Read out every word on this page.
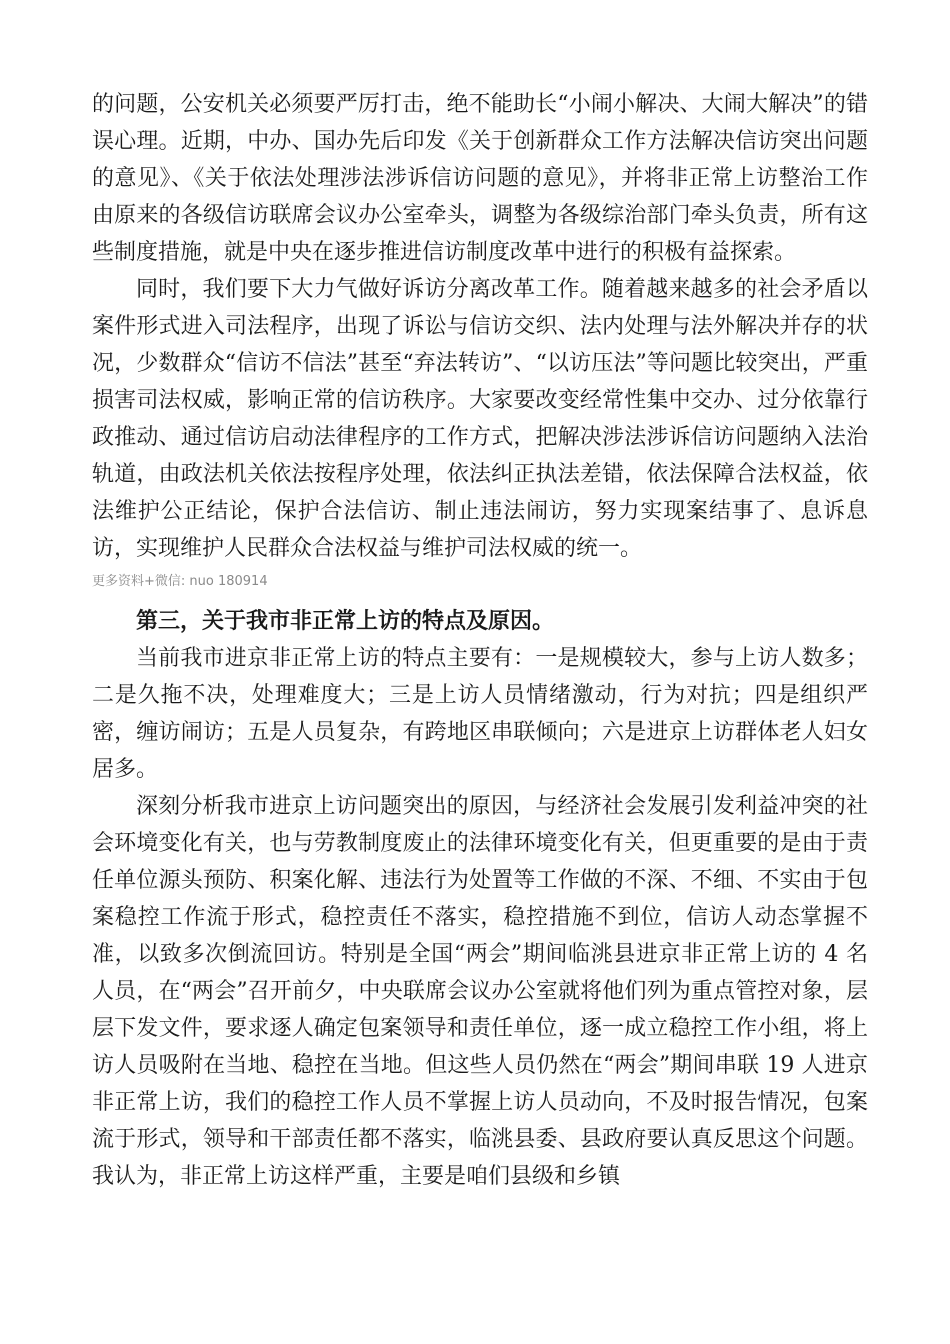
的问题，公安机关必须要严厉打击，绝不能助长“小闹小解决、大闹大解决”的错误心理。近期，中办、国办先后印发《关于创新群众工作方法解决信访突出问题的意见》、《关于依法处理涉法涉诉信访问题的意见》，并将非正常上访整治工作由原来的各级信访联席会议办公室牵头，调整为各级综治部门牵头负责，所有这些制度措施，就是中央在逐步推进信访制度改革中进行的积极有益探索。

同时，我们要下大力气做好诉访分离改革工作。随着越来越多的社会矛盾以案件形式进入司法程序，出现了诉讼与信访交织、法内处理与法外解决并存的状况，少数群众“信访不信法”甚至“弃法转访”、“以访压法”等问题比较突出，严重损害司法权威，影响正常的信访秩序。大家要改变经常性集中交办、过分依靠行政推动、通过信访启动法律程序的工作方式，把解决涉法涉诉信访问题纳入法治轨道，由政法机关依法按程序处理，依法纠正执法差错，依法保障合法权益，依法维护公正结论，保护合法信访、制止违法闹访，努力实现案结事了、息诉息访，实现维护人民群众合法权益与维护司法权威的统一。

更多资料+微信: nuo 180914

第三，关于我市非正常上访的特点及原因。

当前我市进京非正常上访的特点主要有：一是规模较大，参与上访人数多；二是久拖不决，处理难度大；三是上访人员情绪激动，行为对抗；四是组织严密，缠访闹访；五是人员复杂，有跨地区串联倾向；六是进京上访群体老人妇女居多。

深刻分析我市进京上访问题突出的原因，与经济社会发展引发利益冲突的社会环境变化有关，也与劳教制度废止的法律环境变化有关，但更重要的是由于责任单位源头预防、积案化解、违法行为处置等工作做的不深、不细、不实由于包案稳控工作流于形式，稳控责任不落实，稳控措施不到位，信访人动态掌握不准，以致多次倒流回访。特别是全国“两会”期间临洮县进京非正常上访的 4 名人员，在“两会”召开前夕，中央联席会议办公室就将他们列为重点管控对象，层层下发文件，要求逐人确定包案领导和责任单位，逐一成立稳控工作小组，将上访人员吸附在当地、稳控在当地。但这些人员仍然在“两会”期间串联 19 人进京非正常上访，我们的稳控工作人员不掌握上访人员动向，不及时报告情况，包案流于形式，领导和干部责任都不落实，临洮县委、县政府要认真反思这个问题。我认为，非正常上访这样严重，主要是咱们县级和乡镇
